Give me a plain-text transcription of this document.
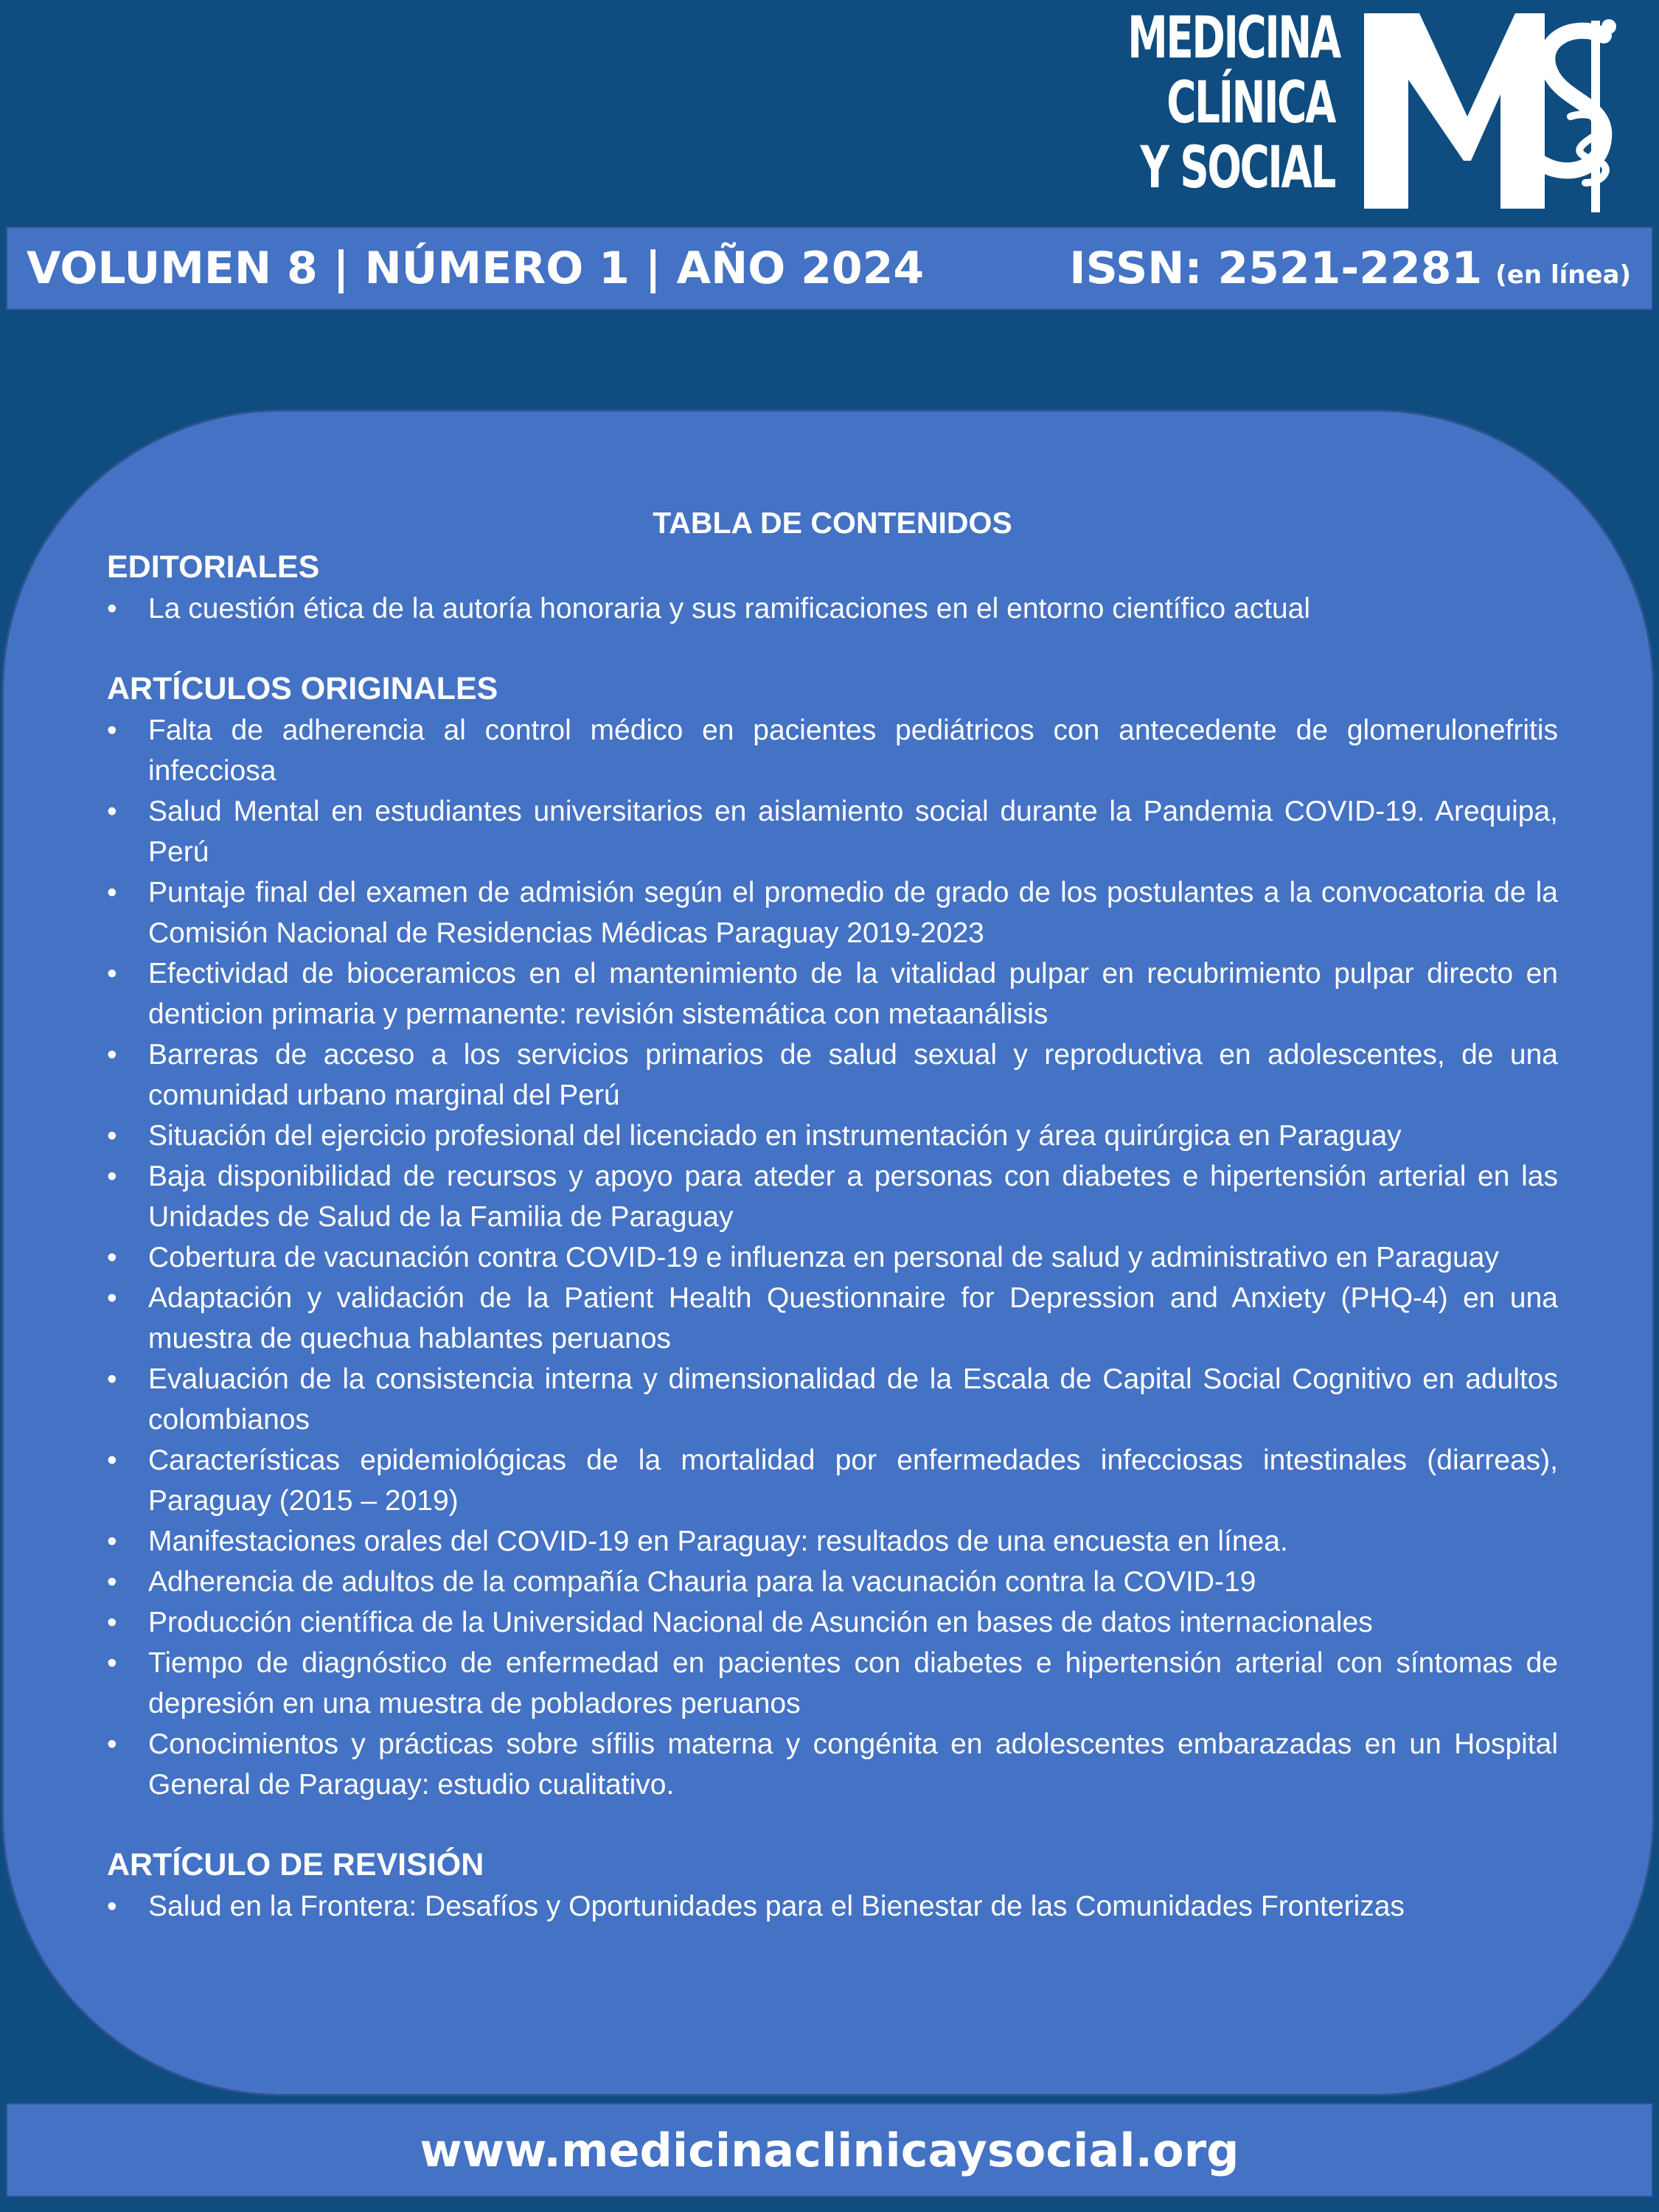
MEDICINA
CLÍNICA
Y SOCIAL
VOLUMEN 8 | NÚMERO 1 | AÑO 2024	ISSN: 2521-2281 (en línea)
TABLA DE CONTENIDOS
EDITORIALES
•	La cuestión ética de la autoría honoraria y sus ramificaciones en el entorno científico actual
ARTÍCULOS ORIGINALES
•	Falta de adherencia al control médico en pacientes pediátricos con antecedente de glomerulonefritis infecciosa
•	Salud Mental en estudiantes universitarios en aislamiento social durante la Pandemia COVID-19. Arequipa, Perú
•	Puntaje final del examen de admisión según el promedio de grado de los postulantes a la convocatoria de la Comisión Nacional de Residencias Médicas Paraguay 2019-2023
•	Efectividad de bioceramicos en el mantenimiento de la vitalidad pulpar en recubrimiento pulpar directo en denticion primaria y permanente: revisión sistemática con metaanálisis
•	Barreras de acceso a los servicios primarios de salud sexual y reproductiva en adolescentes, de una comunidad urbano marginal del Perú
•	Situación del ejercicio profesional del licenciado en instrumentación y área quirúrgica en Paraguay
•	Baja disponibilidad de recursos y apoyo para ateder a personas con diabetes e hipertensión arterial en las Unidades de Salud de la Familia de Paraguay
•	Cobertura de vacunación contra COVID-19 e influenza en personal de salud y administrativo en Paraguay
•	Adaptación y validación de la Patient Health Questionnaire for Depression and Anxiety (PHQ-4) en una muestra de quechua hablantes peruanos
•	Evaluación de la consistencia interna y dimensionalidad de la Escala de Capital Social Cognitivo en adultos colombianos
•	Características epidemiológicas de la mortalidad por enfermedades infecciosas intestinales (diarreas), Paraguay (2015 – 2019)
•	Manifestaciones orales del COVID-19 en Paraguay: resultados de una encuesta en línea.
•	Adherencia de adultos de la compañía Chauria para la vacunación contra la COVID-19
•	Producción científica de la Universidad Nacional de Asunción en bases de datos internacionales
•	Tiempo de diagnóstico de enfermedad en pacientes con diabetes e hipertensión arterial con síntomas de depresión en una muestra de pobladores peruanos
•	Conocimientos y prácticas sobre sífilis materna y congénita en adolescentes embarazadas en un Hospital General de Paraguay: estudio cualitativo.
ARTÍCULO DE REVISIÓN
•	Salud en la Frontera: Desafíos y Oportunidades para el Bienestar de las Comunidades Fronterizas
www.medicinaclinicaysocial.org
